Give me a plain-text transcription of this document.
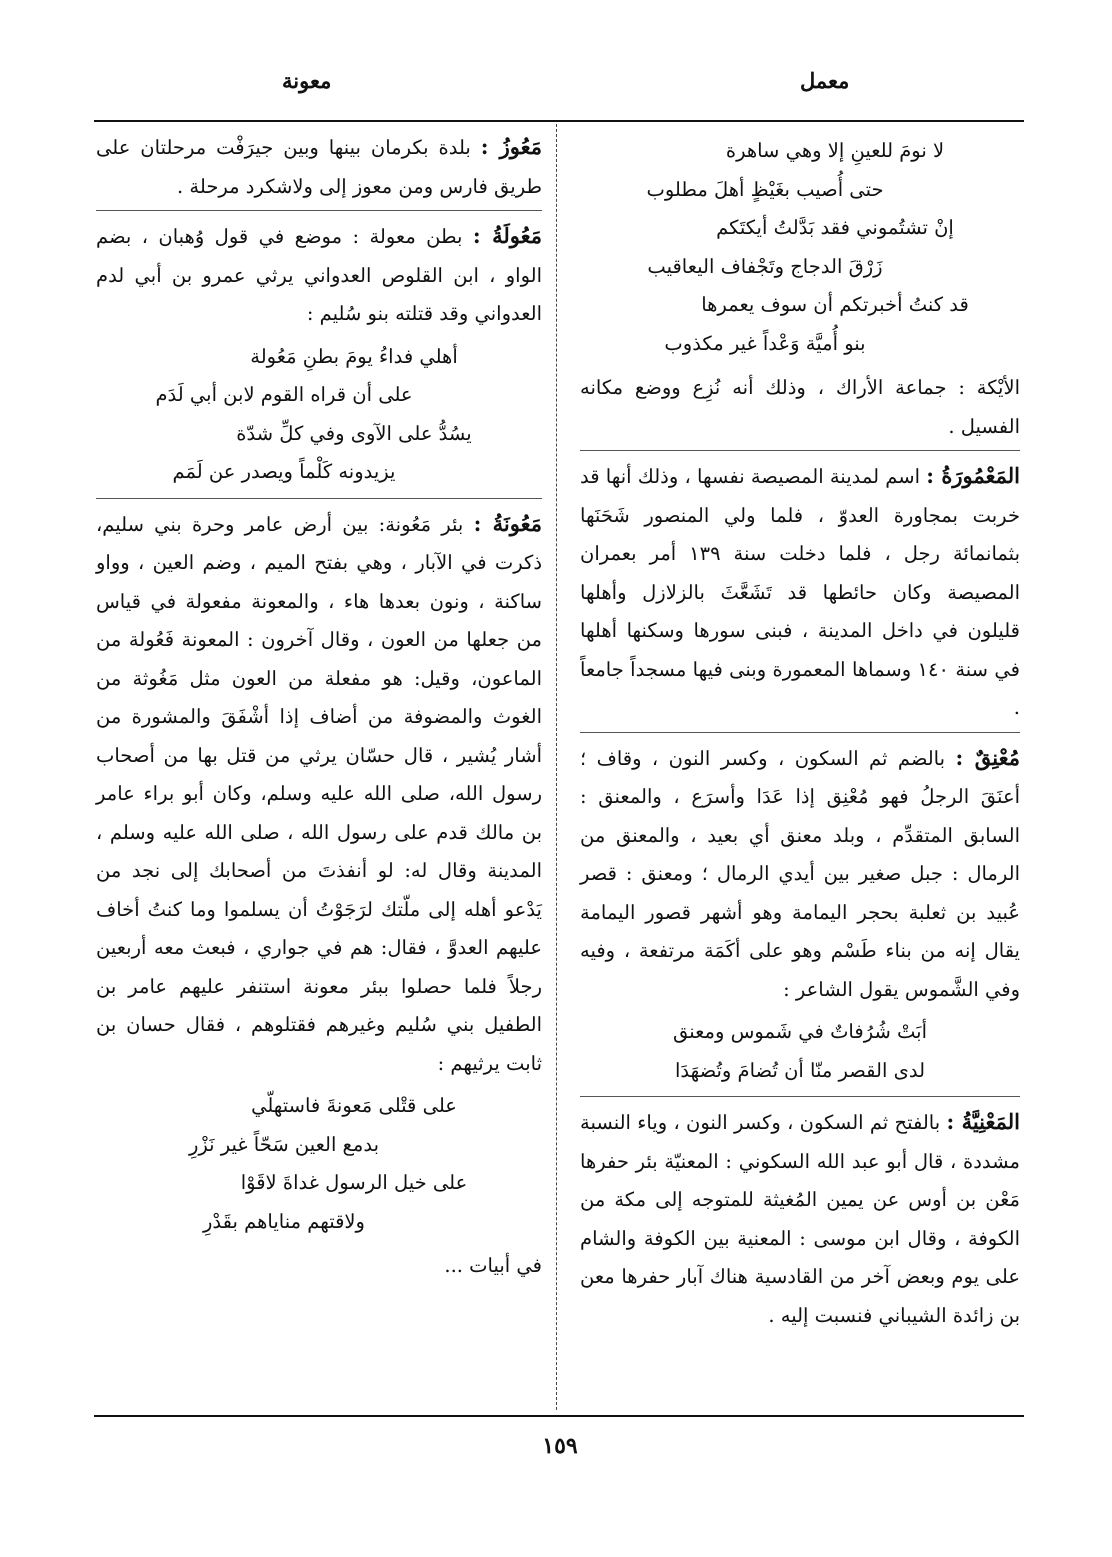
معمل
معونة
لا نومَ للعينِ إلا وهي ساهرة
حتى أُصيب بغَيْظٍ أهلَ مطلوب
إنْ تشتُموني فقد بَدَّلتُ أيكتَكم
زَرْقَ الدجاج وتَجْفاف اليعاقيب
قد كنتُ أخبرتكم أن سوف يعمرها
بنو أُميَّة وَعْداً غير مكذوب

الأيْكة : جماعة الأراك ، وذلك أنه نُزِع ووضع مكانه الفسيل .

المَعْمُورَةُ : اسم لمدينة المصيصة نفسها ، وذلك أنها قد خربت بمجاورة العدوّ ، فلما ولي المنصور شَحَنَها بثمانمائة رجل ، فلما دخلت سنة ١٣٩ أمر بعمران المصيصة وكان حائطها قد تَشَعَّثَ بالزلازل وأهلها قليلون في داخل المدينة ، فبنى سورها وسكنها أهلها في سنة ١٤٠ وسماها المعمورة وبنى فيها مسجداً جامعاً .

مُعْنِقٌ : بالضم ثم السكون ، وكسر النون ، وقاف ؛ أعنَقَ الرجلُ فهو مُعْنِق إذا عَدَا وأسرَع ، والمعنق : السابق المتقدِّم ، وبلد معنق أي بعيد ، والمعنق من الرمال : جبل صغير بين أيدي الرمال ؛ ومعنق : قصر عُبيد بن ثعلبة بحجر اليمامة وهو أشهر قصور اليمامة يقال إنه من بناء طَسْم وهو على أكَمَة مرتفعة ، وفيه وفي الشَّموس يقول الشاعر :

أبَتْ شُرُفاتٌ في شَموس ومعنق
لدى القصر منّا أن تُضامَ وتُضهَدَا

المَعْنِيَّةُ : بالفتح ثم السكون ، وكسر النون ، وياء النسبة مشددة ، قال أبو عبد الله السكوني : المعنيّة بئر حفرها مَعْن بن أوس عن يمين المُغيثة للمتوجه إلى مكة من الكوفة ، وقال ابن موسى : المعنية بين الكوفة والشام على يوم وبعض آخر من القادسية هناك آبار حفرها معن بن زائدة الشيباني فنسبت إليه .

مَعُوزُ : بلدة بكرمان بينها وبين جيرَفْت مرحلتان على طريق فارس ومن معوز إلى ولاشكرد مرحلة .

مَعُولَةُ : بطن معولة : موضع في قول وُهبان ، بضم الواو ، ابن القلوص العدواني يرثي عمرو بن أبي لدم العدواني وقد قتلته بنو سُليم :

أهلي فداءُ يومَ بطنِ مَعُولة
على أن قراه القوم لابن أبي لَدَم
يسُدُّ على الآوى وفي كلِّ شدّة
يزيدونه كَلْماً ويصدر عن لَمَم

مَعُونَةُ : بئر مَعُونة: بين أرض عامر وحرة بني سليم، ذكرت في الآبار ، وهي بفتح الميم ، وضم العين ، وواو ساكنة ، ونون بعدها هاء ، والمعونة مفعولة في قياس من جعلها من العون ، وقال آخرون : المعونة فَعُولة من الماعون، وقيل: هو مفعلة من العون مثل مَغُوثة من الغوث والمضوفة من أضاف إذا أشْفَقَ والمشورة من أشار يُشير ، قال حسّان يرثي من قتل بها من أصحاب رسول الله، صلى الله عليه وسلم، وكان أبو براء عامر بن مالك قدم على رسول الله ، صلى الله عليه وسلم ، المدينة وقال له: لو أنفذتَ من أصحابك إلى نجد من يَدْعو أهله إلى ملّتك لرَجَوْتُ أن يسلموا وما كنتُ أخاف عليهم العدوَّ ، فقال: هم في جواري ، فبعث معه أربعين رجلاً فلما حصلوا ببئر معونة استنفر عليهم عامر بن الطفيل بني سُليم وغيرهم فقتلوهم ، فقال حسان بن ثابت يرثيهم :

على قتْلى مَعونةَ فاستهلّي
بدمع العين سَحّاً غير نَزْرِ
على خيل الرسول غداةَ لاقَوْا
ولاقتهم مناياهم بقَدْرِ

في أبيات ...

١٥٩
